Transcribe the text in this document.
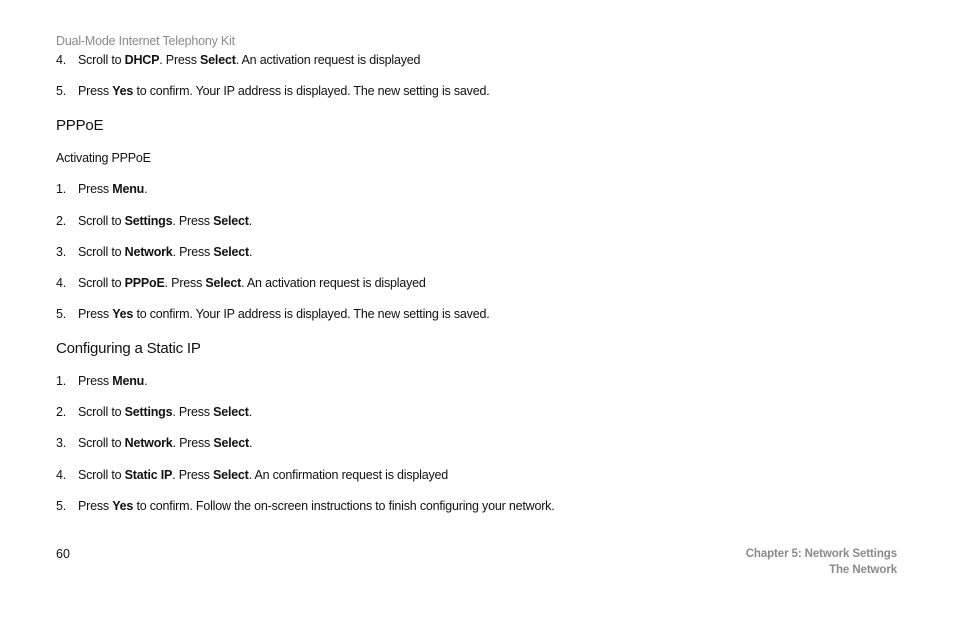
Dual-Mode Internet Telephony Kit
4. Scroll to DHCP. Press Select. An activation request is displayed
5. Press Yes to confirm. Your IP address is displayed. The new setting is saved.
PPPoE
Activating PPPoE
1. Press Menu.
2. Scroll to Settings. Press Select.
3. Scroll to Network. Press Select.
4. Scroll to PPPoE. Press Select. An activation request is displayed
5. Press Yes to confirm. Your IP address is displayed. The new setting is saved.
Configuring a Static IP
1. Press Menu.
2. Scroll to Settings. Press Select.
3. Scroll to Network. Press Select.
4. Scroll to Static IP. Press Select. An confirmation request is displayed
5. Press Yes to confirm. Follow the on-screen instructions to finish configuring your network.
60	Chapter 5: Network Settings
The Network
